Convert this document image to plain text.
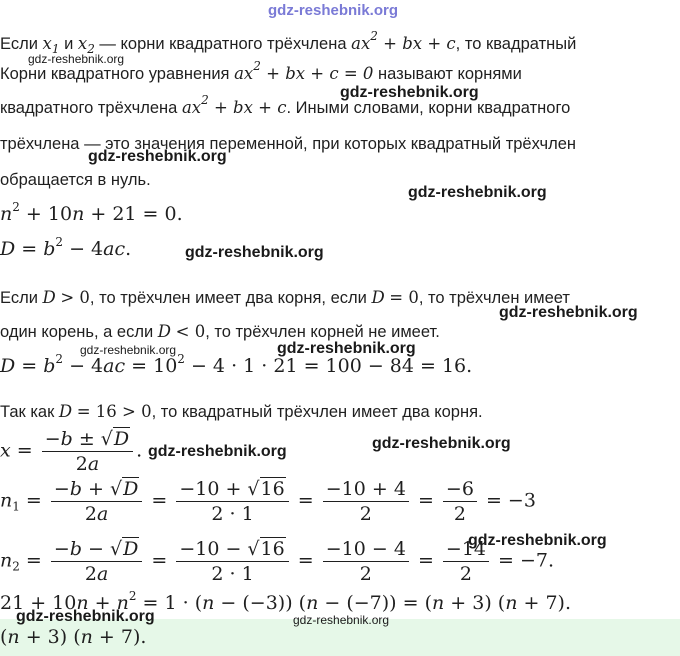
gdz-reshebnik.org
Если $x_1$ и $x_2$ — корни квадратного трёхчлена $ax^2$ + bx + c, то квадратный
gdz-reshebnik.org
Корни квадратного уравнения $ax^2$ + bx + c = 0 называют корнями
gdz-reshebnik.org
квадратного трёхчлена $ax^2$ + bx + c. Иными словами, корни квадратного
трёхчлена — это значения переменной, при которых квадратный трёхчлен
gdz-reshebnik.org
обращается в нуль.
gdz-reshebnik.org
$n^2 + 10n + 21 = 0$.
$D = b^2 - 4ac$.	gdz-reshebnik.org
Если D > 0, то трёхчлен имеет два корня, если D = 0, то трёхчлен имеет
gdz-reshebnik.org
один корень, а если D < 0, то трёхчлен корней не имеет.
gdz-reshebnik.org	gdz-reshebnik.org
$D = b^2 - 4ac = 10^2 - 4 \cdot 1 \cdot 21 = 100 - 84 = 16$.
Так как D = 16 > 0, то квадратный трёхчлен имеет два корня.
$x = \frac{-b \pm √D}{2a}$ . gdz-reshebnik.org	gdz-reshebnik.org
$n_1 = \frac{-b + √D}{2a} = \frac{-10 + √16}{2 \cdot 1} = \frac{-10 + 4}{2} = \frac{-6}{2} = -3$
$n_2 = \frac{-b - √D}{2a} = \frac{-10 - √16}{2 \cdot 1} = \frac{-10 - 4}{2} = \frac{-14}{2} = -7$.
gdz-reshebnik.org
$21 + 10n + n^2 = 1 \cdot (n - (-3)) (n - (-7)) = (n + 3) (n + 7)$.
(n + 3) (n + 7).
gdz-reshebnik.org	gdz-reshebnik.org
